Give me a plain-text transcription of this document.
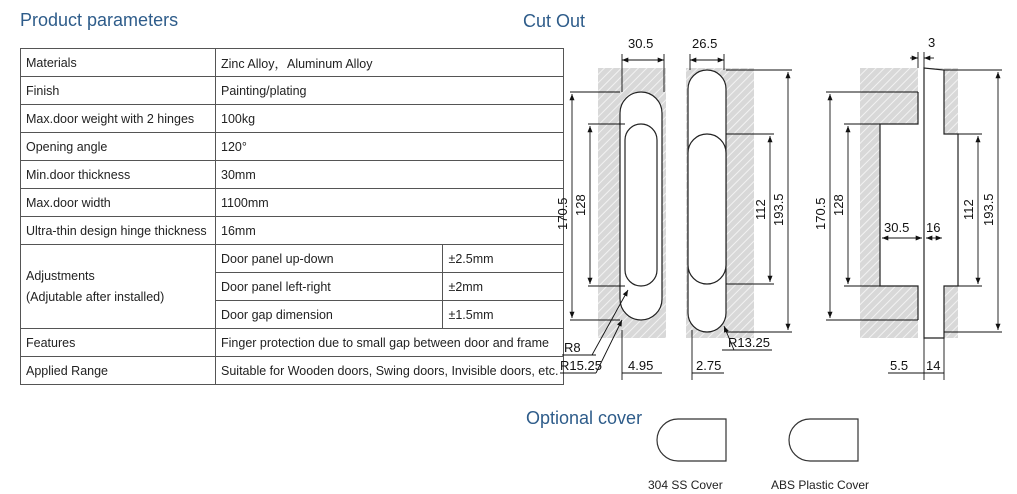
Product parameters
Materials	Zinc Alloy，Aluminum Alloy	
Finish	Painting/plating	
Max.door weight with 2 hinges	100kg	
Opening angle	120°	
Min.door thickness	30mm	
Max.door width	1100mm	
Ultra-thin design hinge thickness	16mm	
Adjustments
(Adjutable after installed)	Door panel up-down	±2.5mm
	Door panel left-right	±2mm
	Door gap dimension	±1.5mm
Features	Finger protection due to small gap between door and frame	
Applied Range	Suitable for Wooden doors, Swing doors, Invisible doors, etc.	
Cut Out
30.5	26.5	3
170.5 128	112 193.5 170.5 128
30.5 16
112 193.5
R8
R15.25 4.95	2.75
R13.25
5.5 14
Optional cover
304 SS Cover	ABS Plastic Cover
